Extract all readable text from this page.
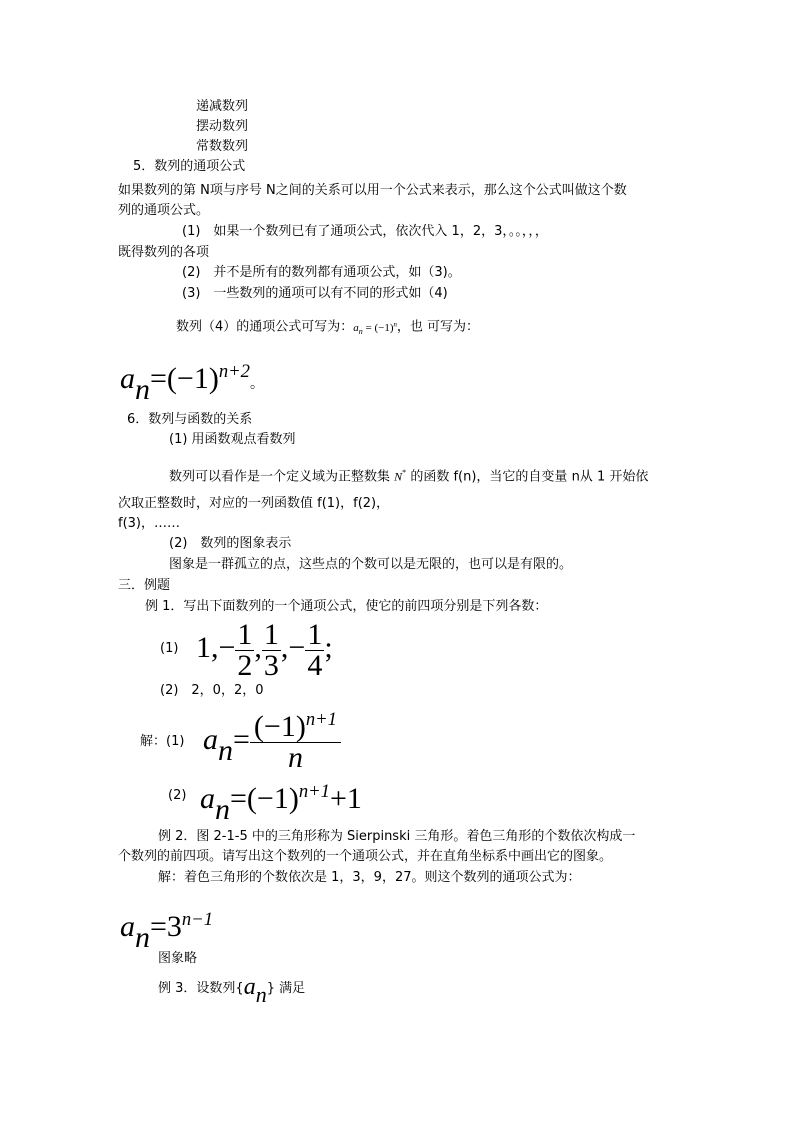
递减数列
摆动数列
常数数列
5．数列的通项公式
如果数列的第 N项与序号 N之间的关系可以用一个公式来表示，那么这个公式叫做这个数
列的通项公式。
(1)　如果一个数列已有了通项公式，依次代入 1，2，3，。。，，，
既得数列的各项
(2)　并不是所有的数列都有通项公式，如（3)。
(3)　一些数列的通项可以有不同的形式如（4)
数列（4）的通项公式可写为：$a_n = (-1)^n$，也 可写为：
$an=(-1)^{n+2}$。
6．数列与函数的关系
(1) 用函数观点看数列
数列可以看作是一个定义域为正整数集 N* 的函数 f(n)，当它的自变量 n从 1 开始依
次取正整数时，对应的一列函数值 f(1)，f(2)，
f(3)，……
(2)　数列的图象表示
图象是一群孤立的点，这些点的个数可以是无限的，也可以是有限的。
三．例题
例 1．写出下面数列的一个通项公式，使它的前四项分别是下列各数：
(1) $1,- \frac{1}{2}$ , $\frac{1}{3}$ ,− $\frac{1}{4}$ ;
(2)　2，0，2，0
解：(1) $an= \frac{(-1)^{n+1}}{n}$
(2) $an=(-1)^{n+1}+1$
例 2．图 2-1-5 中的三角形称为 Sierpinski 三角形。着色三角形的个数依次构成一
个数列的前四项。请写出这个数列的一个通项公式，并在直角坐标系中画出它的图象。
解：着色三角形的个数依次是 1，3，9，27。则这个数列的通项公式为：
$an=3^{n-1}$
图象略
例 3．设数列{an} 满足
